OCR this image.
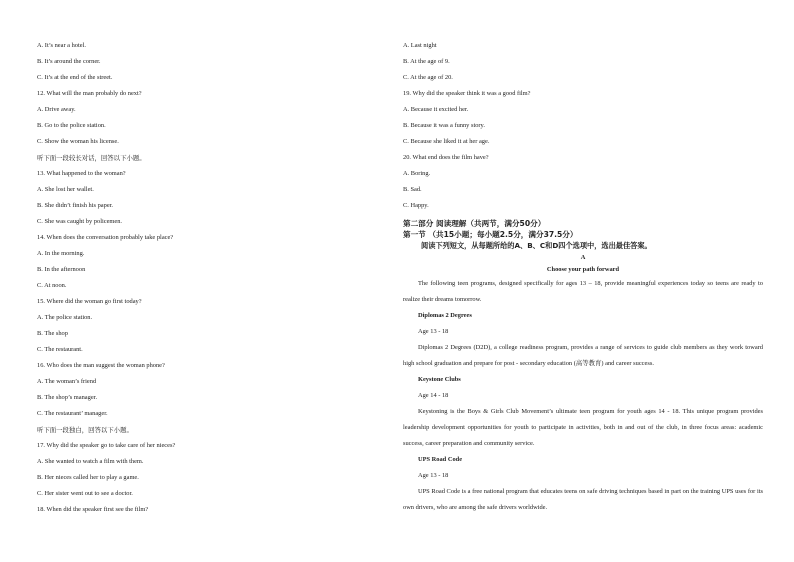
A. It’s near a hotel.
B. It’s around the corner.
C. It’s at the end of the street.
12. What will the man probably do next?
A. Drive away.
B. Go to the police station.
C. Show the woman his license.
听下面一段较长对话，回答以下小题。
13. What happened to the woman?
A. She lost her wallet.
B. She didn’t finish his paper.
C. She was caught by policemen.
14. When does the conversation probably take place?
A. In the morning.
B. In the afternoon
C. At noon.
15. Where did the woman go first today?
A. The police station.
B. The shop
C. The restaurant.
16. Who does the man suggest the woman phone?
A. The woman’s friend
B. The shop’s manager.
C. The restaurant’ manager.
听下面一段独白，回答以下小题。
17. Why did the speaker go to take care of her nieces?
A. She wanted to watch a film with them.
B. Her nieces called her to play a game.
C. Her sister went out to see a doctor.
18. When did the speaker first see the film?
A. Last night
B. At the age of 9.
C. At the age of 20.
19. Why did the speaker think it was a good film?
A. Because it excited her.
B. Because it was a funny story.
C. Because she liked it at her age.
20. What end does the film have?
A. Boring.
B. Sad.
C. Happy.
第二部分 阅读理解（共两节，满分50分）
第一节 （共15小题；每小题2.5分，满分37.5分）
阅读下列短文，从每题所给的A、B、C和D四个选项中，选出最佳答案。
A
Choose your path forward
The following teen programs, designed specifically for ages 13 – 18, provide meaningful experiences today so teens are ready to realize their dreams tomorrow.
Diplomas 2 Degrees
Age 13 - 18
Diplomas 2 Degrees (D2D), a college readiness program, provides a range of services to guide club members as they work toward high school graduation and prepare for post - secondary education (高等教育) and career success.
Keystone Clubs
Age 14 - 18
Keystoning is the Boys & Girls Club Movement’s ultimate teen program for youth ages 14 - 18. This unique program provides leadership development opportunities for youth to participate in activities, both in and out of the club, in three focus areas: academic success, career preparation and community service.
UPS Road Code
Age 13 - 18
UPS Road Code is a free national program that educates teens on safe driving techniques based in part on the training UPS uses for its own drivers, who are among the safe drivers worldwide.
